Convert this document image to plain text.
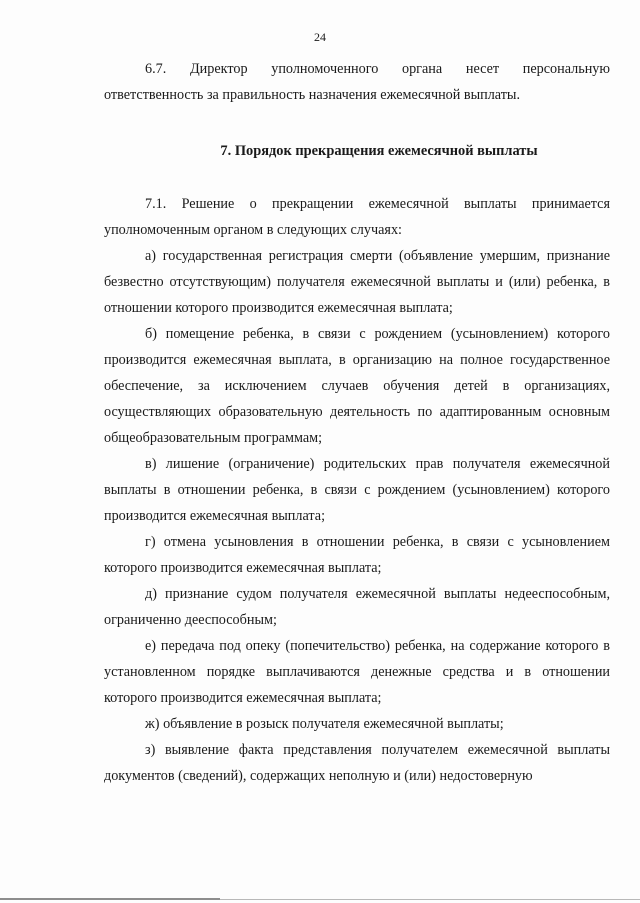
24

6.7. Директор уполномоченного органа несет персональную ответственность за правильность назначения ежемесячной выплаты.

7. Порядок прекращения ежемесячной выплаты

7.1. Решение о прекращении ежемесячной выплаты принимается уполномоченным органом в следующих случаях:

а) государственная регистрация смерти (объявление умершим, признание безвестно отсутствующим) получателя ежемесячной выплаты и (или) ребенка, в отношении которого производится ежемесячная выплата;

б) помещение ребенка, в связи с рождением (усыновлением) которого производится ежемесячная выплата, в организацию на полное государственное обеспечение, за исключением случаев обучения детей в организациях, осуществляющих образовательную деятельность по адаптированным основным общеобразовательным программам;

в) лишение (ограничение) родительских прав получателя ежемесячной выплаты в отношении ребенка, в связи с рождением (усыновлением) которого производится ежемесячная выплата;

г) отмена усыновления в отношении ребенка, в связи с усыновлением которого производится ежемесячная выплата;

д) признание судом получателя ежемесячной выплаты недееспособным, ограниченно дееспособным;

е) передача под опеку (попечительство) ребенка, на содержание которого в установленном порядке выплачиваются денежные средства и в отношении которого производится ежемесячная выплата;

ж) объявление в розыск получателя ежемесячной выплаты;

з) выявление факта представления получателем ежемесячной выплаты документов (сведений), содержащих неполную и (или) недостоверную
